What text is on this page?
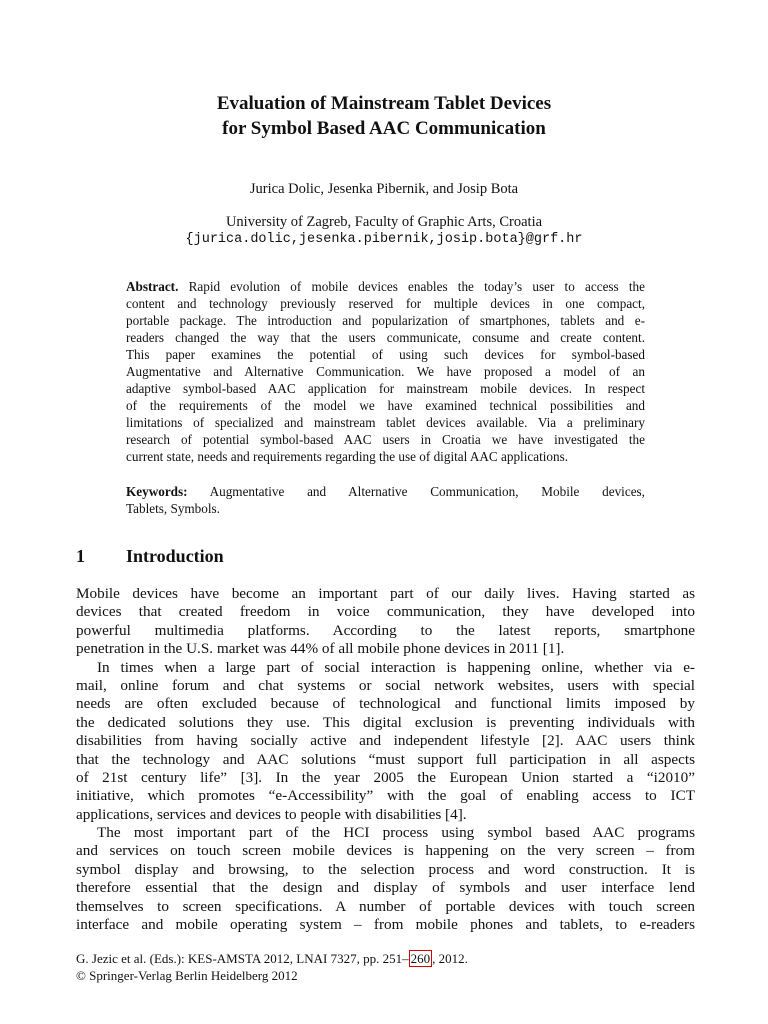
Evaluation of Mainstream Tablet Devices
for Symbol Based AAC Communication
Jurica Dolic, Jesenka Pibernik, and Josip Bota
University of Zagreb, Faculty of Graphic Arts, Croatia
{jurica.dolic,jesenka.pibernik,josip.bota}@grf.hr
Abstract. Rapid evolution of mobile devices enables the today’s user to access the
content and technology previously reserved for multiple devices in one compact,
portable package. The introduction and popularization of smartphones, tablets and e-
readers changed the way that the users communicate, consume and create content.
This paper examines the potential of using such devices for symbol-based
Augmentative and Alternative Communication. We have proposed a model of an
adaptive symbol-based AAC application for mainstream mobile devices. In respect
of the requirements of the model we have examined technical possibilities and
limitations of specialized and mainstream tablet devices available. Via a preliminary
research of potential symbol-based AAC users in Croatia we have investigated the
current state, needs and requirements regarding the use of digital AAC applications.
Keywords: Augmentative and Alternative Communication, Mobile devices,
Tablets, Symbols.
1 Introduction
Mobile devices have become an important part of our daily lives. Having started as
devices that created freedom in voice communication, they have developed into
powerful multimedia platforms. According to the latest reports, smartphone
penetration in the U.S. market was 44% of all mobile phone devices in 2011 [1].
In times when a large part of social interaction is happening online, whether via e-
mail, online forum and chat systems or social network websites, users with special
needs are often excluded because of technological and functional limits imposed by
the dedicated solutions they use. This digital exclusion is preventing individuals with
disabilities from having socially active and independent lifestyle [2]. AAC users think
that the technology and AAC solutions “must support full participation in all aspects
of 21st century life” [3]. In the year 2005 the European Union started a “i2010”
initiative, which promotes “e-Accessibility” with the goal of enabling access to ICT
applications, services and devices to people with disabilities [4].
The most important part of the HCI process using symbol based AAC programs
and services on touch screen mobile devices is happening on the very screen – from
symbol display and browsing, to the selection process and word construction. It is
therefore essential that the design and display of symbols and user interface lend
themselves to screen specifications. A number of portable devices with touch screen
interface and mobile operating system – from mobile phones and tablets, to e-readers
G. Jezic et al. (Eds.): KES-AMSTA 2012, LNAI 7327, pp. 251– 260 , 2012.
© Springer-Verlag Berlin Heidelberg 2012
